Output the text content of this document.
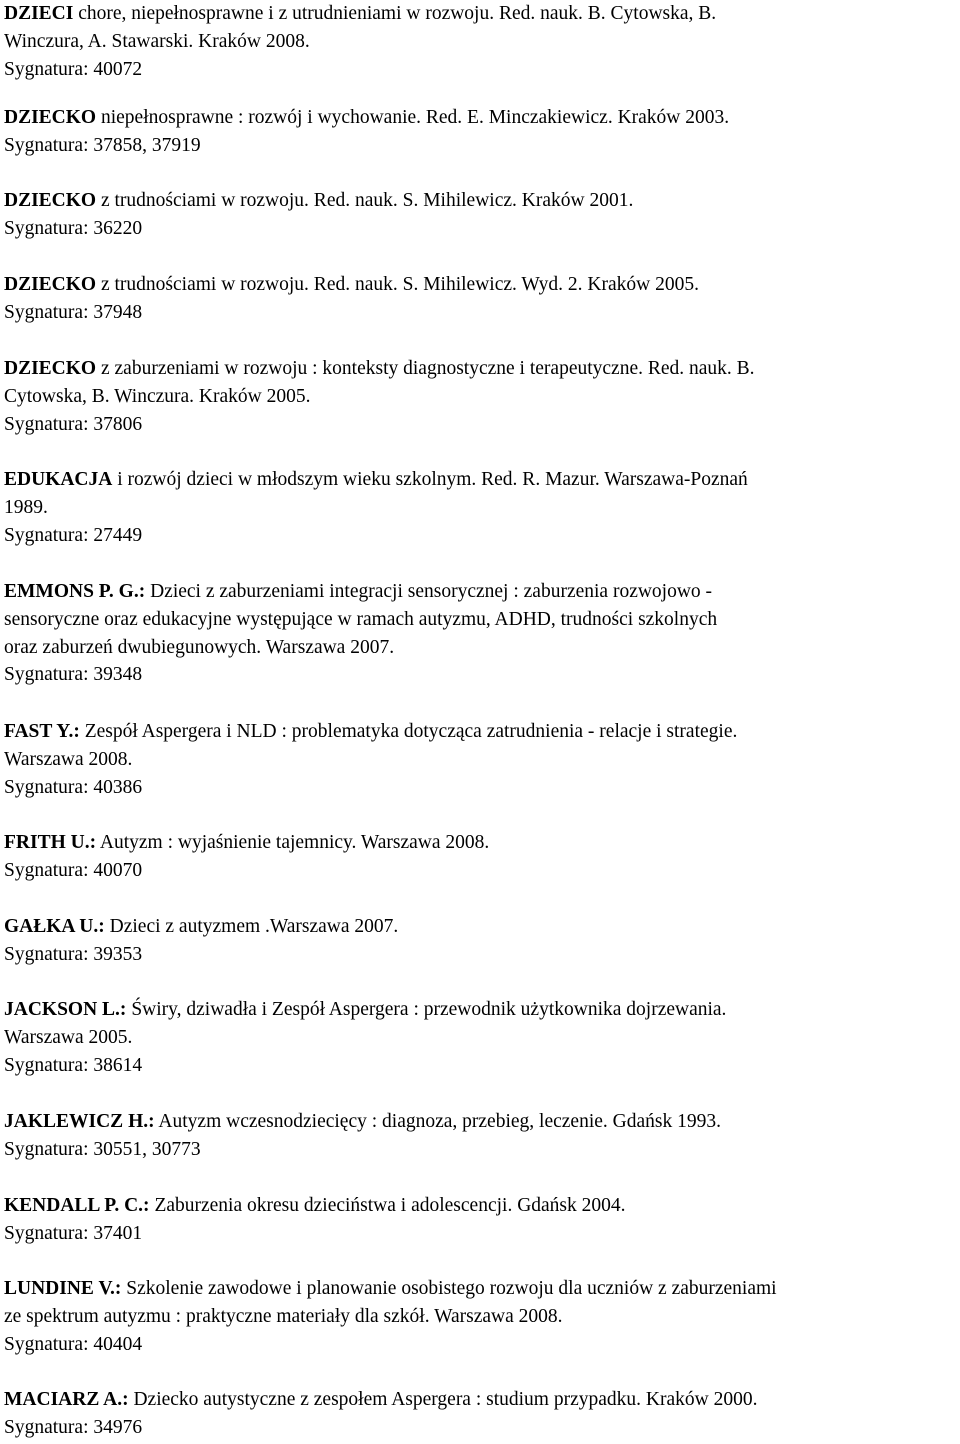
DZIECI chore, niepełnosprawne i z utrudnieniami w rozwoju. Red. nauk. B. Cytowska, B.
Winczura, A. Stawarski. Kraków 2008.
Sygnatura: 40072
DZIECKO niepełnosprawne : rozwój i wychowanie. Red. E. Minczakiewicz. Kraków 2003.
Sygnatura: 37858, 37919
DZIECKO z trudnościami w rozwoju. Red. nauk. S. Mihilewicz. Kraków 2001.
Sygnatura: 36220
DZIECKO z trudnościami w rozwoju. Red. nauk. S. Mihilewicz. Wyd. 2. Kraków 2005.
Sygnatura: 37948
DZIECKO z zaburzeniami w rozwoju : konteksty diagnostyczne i terapeutyczne. Red. nauk. B.
Cytowska, B. Winczura. Kraków 2005.
Sygnatura: 37806
EDUKACJA i rozwój dzieci w młodszym wieku szkolnym. Red. R. Mazur. Warszawa-Poznań
1989.
Sygnatura: 27449
EMMONS P. G.: Dzieci z zaburzeniami integracji sensorycznej : zaburzenia rozwojowo -
sensoryczne oraz edukacyjne występujące w ramach autyzmu, ADHD, trudności szkolnych
oraz zaburzeń dwubiegunowych. Warszawa 2007.
Sygnatura: 39348
FAST Y.: Zespół Aspergera i NLD : problematyka dotycząca zatrudnienia - relacje i strategie.
Warszawa 2008.
Sygnatura: 40386
FRITH U.: Autyzm : wyjaśnienie tajemnicy. Warszawa 2008.
Sygnatura: 40070
GAŁKA U.: Dzieci z autyzmem .Warszawa 2007.
Sygnatura: 39353
JACKSON L.: Świry, dziwadła i Zespół Aspergera : przewodnik użytkownika dojrzewania.
Warszawa 2005.
Sygnatura: 38614
JAKLEWICZ H.: Autyzm wczesnodziecięcy : diagnoza, przebieg, leczenie. Gdańsk 1993.
Sygnatura: 30551, 30773
KENDALL P. C.: Zaburzenia okresu dzieciństwa i adolescencji. Gdańsk 2004.
Sygnatura: 37401
LUNDINE V.: Szkolenie zawodowe i planowanie osobistego rozwoju dla uczniów z zaburzeniami
ze spektrum autyzmu : praktyczne materiały dla szkół. Warszawa 2008.
Sygnatura: 40404
MACIARZ A.: Dziecko autystyczne z zespołem Aspergera : studium przypadku. Kraków 2000.
Sygnatura: 34976
